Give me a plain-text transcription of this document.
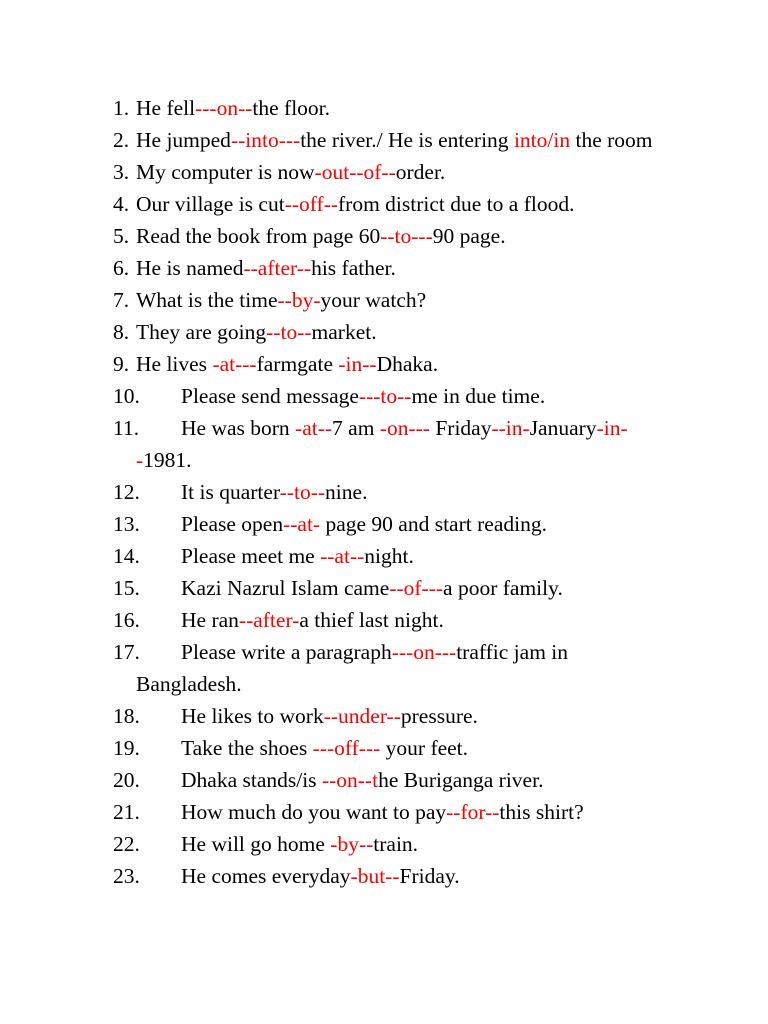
1. He fell---on--the floor.
2. He jumped--into---the river./ He is entering into/in the room
3. My computer is now-out--of--order.
4. Our village is cut--off--from district due to a flood.
5. Read the book from page 60--to---90 page.
6. He is named--after--his father.
7. What is the time--by-your watch?
8. They are going--to--market.
9. He lives -at---farmgate -in--Dhaka.
10.	Please send message---to--me in due time.
11.	He was born -at--7 am -on--- Friday--in-January-in--1981.
12.	It is quarter--to--nine.
13.	Please open--at- page 90 and start reading.
14.	Please meet me --at--night.
15.	Kazi Nazrul Islam came--of---a poor family.
16.	He ran--after-a thief last night.
17.	Please write a paragraph---on---traffic jam in Bangladesh.
18.	He likes to work--under--pressure.
19.	Take the shoes ---off--- your feet.
20.	Dhaka stands/is --on--the Buriganga river.
21.	How much do you want to pay--for--this shirt?
22.	He will go home -by--train.
23.	He comes everyday-but--Friday.
